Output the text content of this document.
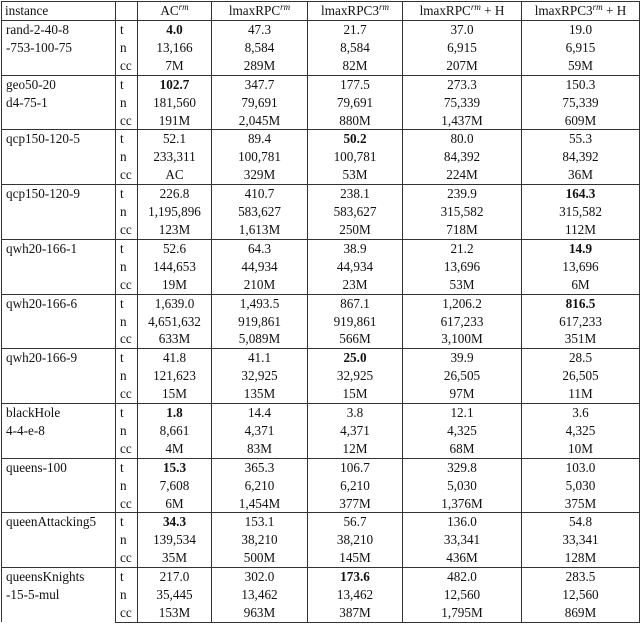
instance		$AC^{rm}$	lmaxRPC$^{rm}$	$lmaxRPC3^{rm}$	lmaxRPC$^{rm}$ + H	$lmaxRPC3^{rm} + H$

rand-2-40-8
-753-100-75	t	4.0	47.3	21.7	37.0	19.0
	n	13,166	8,584	8,584	6,915	6,915
	cc	7M	289M	82M	207M	59M

geo50-20
d4-75-1	t	102.7	347.7	177.5	273.3	150.3
	n	181,560	79,691	79,691	75,339	75,339
	cc	191M	2,045M	880M	1,437M	609M

qcp150-120-5	t	52.1	89.4	50.2	80.0	55.3
	n	233,311	100,781	100,781	84,392	84,392
	cc	AC	329M	53M	224M	36M

qcp150-120-9	t	226.8	410.7	238.1	239.9	164.3
	n	1,195,896	583,627	583,627	315,582	315,582
	cc	123M	1,613M	250M	718M	112M

qwh20-166-1	t	52.6	64.3	38.9	21.2	14.9
	n	144,653	44,934	44,934	13,696	13,696
	cc	19M	210M	23M	53M	6M

qwh20-166-6	t	1,639.0	1,493.5	867.1	1,206.2	816.5
	n	4,651,632	919,861	919,861	617,233	617,233
	cc	633M	5,089M	566M	3,100M	351M

qwh20-166-9	t	41.8	41.1	25.0	39.9	28.5
	n	121,623	32,925	32,925	26,505	26,505
	cc	15M	135M	15M	97M	11M

blackHole
4-4-e-8	t	1.8	14.4	3.8	12.1	3.6
	n	8,661	4,371	4,371	4,325	4,325
	cc	4M	83M	12M	68M	10M

queens-100	t	15.3	365.3	106.7	329.8	103.0
	n	7,608	6,210	6,210	5,030	5,030
	cc	6M	1,454M	377M	1,376M	375M

queenAttacking5	t	34.3	153.1	56.7	136.0	54.8
	n	139,534	38,210	38,210	33,341	33,341
	cc	35M	500M	145M	436M	128M

queensKnights
-15-5-mul	t	217.0	302.0	173.6	482.0	283.5
	n	35,445	13,462	13,462	12,560	12,560
	cc	153M	963M	387M	1,795M	869M
